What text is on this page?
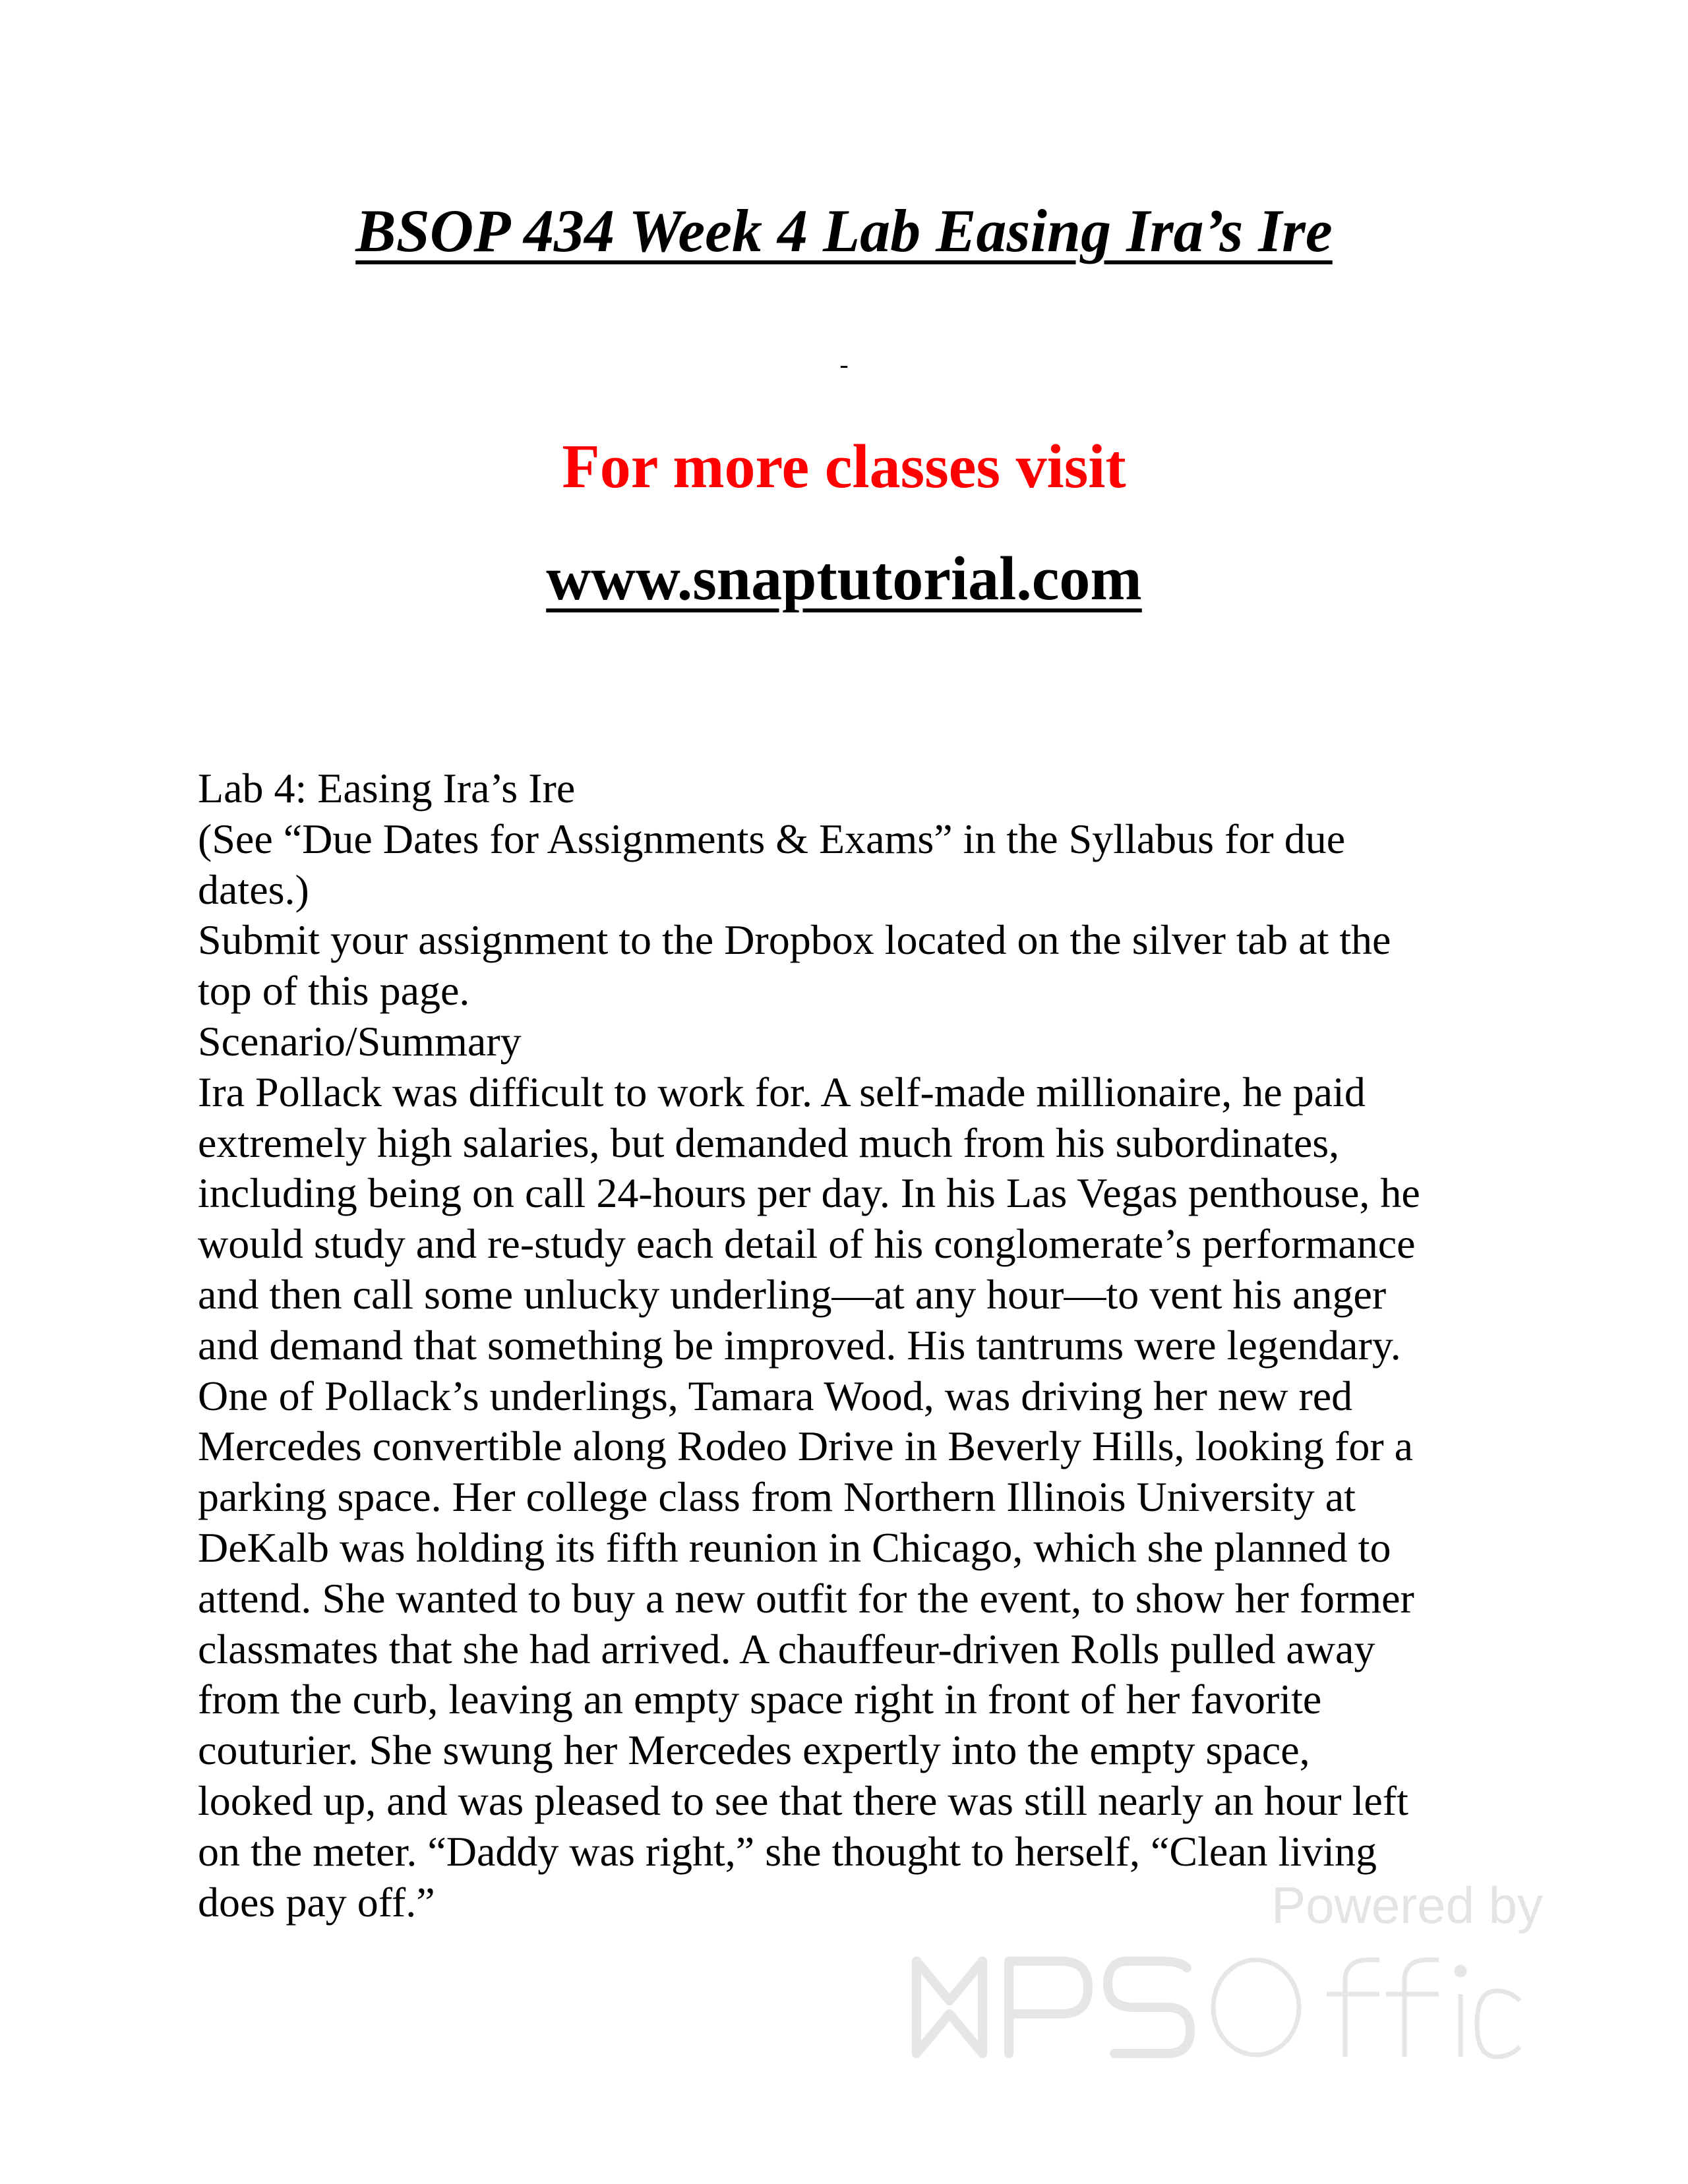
BSOP 434 Week 4 Lab Easing Ira’s Ire
-
For more classes visit
www.snaptutorial.com
Lab 4: Easing Ira’s Ire
(See “Due Dates for Assignments & Exams” in the Syllabus for due
dates.)
Submit your assignment to the Dropbox located on the silver tab at the
top of this page.
Scenario/Summary
Ira Pollack was difficult to work for. A self-made millionaire, he paid
extremely high salaries, but demanded much from his subordinates,
including being on call 24-hours per day. In his Las Vegas penthouse, he
would study and re-study each detail of his conglomerate’s performance
and then call some unlucky underling—at any hour—to vent his anger
and demand that something be improved. His tantrums were legendary.
One of Pollack’s underlings, Tamara Wood, was driving her new red
Mercedes convertible along Rodeo Drive in Beverly Hills, looking for a
parking space. Her college class from Northern Illinois University at
DeKalb was holding its fifth reunion in Chicago, which she planned to
attend. She wanted to buy a new outfit for the event, to show her former
classmates that she had arrived. A chauffeur-driven Rolls pulled away
from the curb, leaving an empty space right in front of her favorite
couturier. She swung her Mercedes expertly into the empty space,
looked up, and was pleased to see that there was still nearly an hour left
on the meter. “Daddy was right,” she thought to herself, “Clean living
does pay off.”	Powered by
